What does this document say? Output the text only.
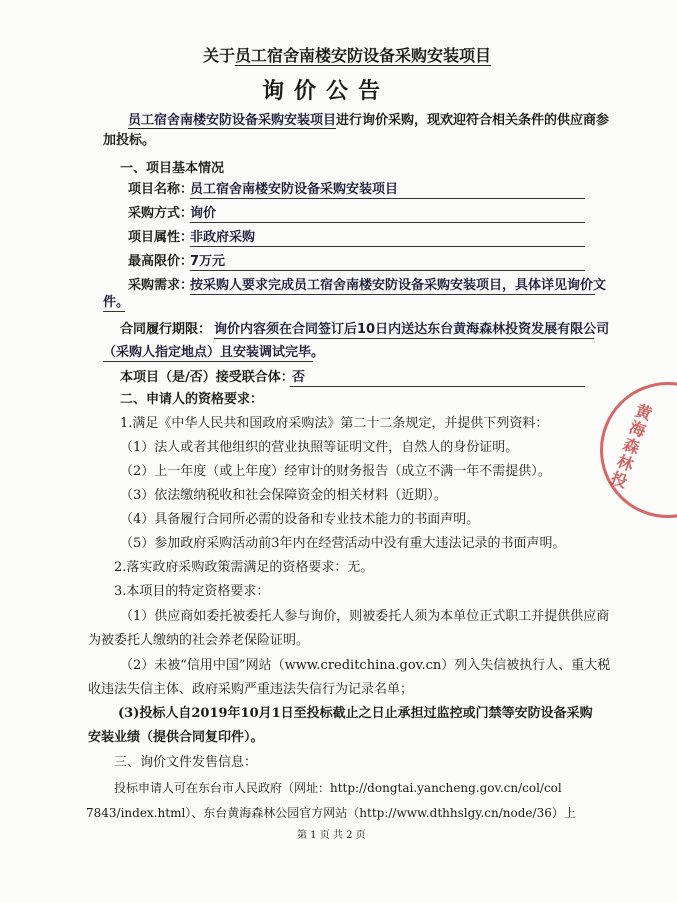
关于员工宿舍南楼安防设备采购安装项目
询价公告
员工宿舍南楼安防设备采购安装项目进行询价采购，现欢迎符合相关条件的供应商参
加投标。
一、项目基本情况
项目名称：
员工宿舍南楼安防设备采购安装项目
采购方式：
询价
项目属性：
非政府采购
最高限价：
7万元
采购需求：
按采购人要求完成员工宿舍南楼安防设备采购安装项目，具体详见询价文
件。
合同履行期限： 询价内容须在合同签订后10日内送达东台黄海森林投资发展有限公司
（采购人指定地点）且安装调试完毕。
本项目（是/否）接受联合体：
否
二、申请人的资格要求：
1.满足《中华人民共和国政府采购法》第二十二条规定，并提供下列资料：
（1）法人或者其他组织的营业执照等证明文件，自然人的身份证明。
（2）上一年度（或上年度）经审计的财务报告（成立不满一年不需提供）。
（3）依法缴纳税收和社会保障资金的相关材料（近期）。
（4）具备履行合同所必需的设备和专业技术能力的书面声明。
（5）参加政府采购活动前3年内在经营活动中没有重大违法记录的书面声明。
2.落实政府采购政策需满足的资格要求：无。
3.本项目的特定资格要求：
（1）供应商如委托被委托人参与询价，则被委托人须为本单位正式职工并提供供应商
为被委托人缴纳的社会养老保险证明。
（2）未被“信用中国”网站（www.creditchina.gov.cn）列入失信被执行人、重大税
收违法失信主体、政府采购严重违法失信行为记录名单；
(3)投标人自2019年10月1日至投标截止之日止承担过监控或门禁等安防设备采购
安装业绩（提供合同复印件）。
三、询价文件发售信息：
投标申请人可在东台市人民政府（网址：http://dongtai.yancheng.gov.cn/col/col
7843/index.html）、东台黄海森林公园官方网站（http://www.dthhslgy.cn/node/36）上
第 1 页 共 2 页
黄海森林投
